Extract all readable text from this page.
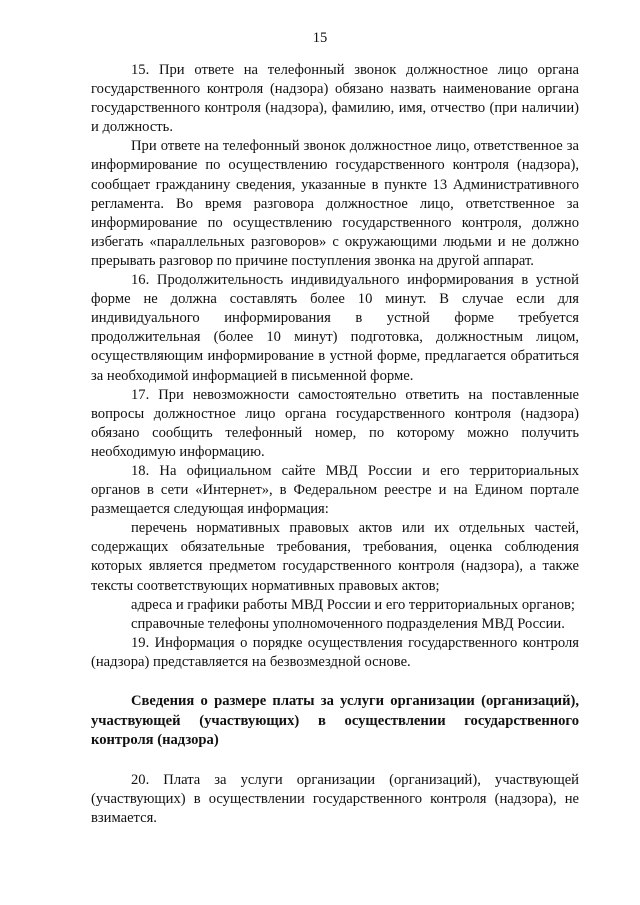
15

15. При ответе на телефонный звонок должностное лицо органа государственного контроля (надзора) обязано назвать наименование органа государственного контроля (надзора), фамилию, имя, отчество (при наличии) и должность.

При ответе на телефонный звонок должностное лицо, ответственное за информирование по осуществлению государственного контроля (надзора), сообщает гражданину сведения, указанные в пункте 13 Административного регламента. Во время разговора должностное лицо, ответственное за информирование по осуществлению государственного контроля, должно избегать «параллельных разговоров» с окружающими людьми и не должно прерывать разговор по причине поступления звонка на другой аппарат.

16. Продолжительность индивидуального информирования в устной форме не должна составлять более 10 минут. В случае если для индивидуального информирования в устной форме требуется продолжительная (более 10 минут) подготовка, должностным лицом, осуществляющим информирование в устной форме, предлагается обратиться за необходимой информацией в письменной форме.

17. При невозможности самостоятельно ответить на поставленные вопросы должностное лицо органа государственного контроля (надзора) обязано сообщить телефонный номер, по которому можно получить необходимую информацию.

18. На официальном сайте МВД России и его территориальных органов в сети «Интернет», в Федеральном реестре и на Едином портале размещается следующая информация:

перечень нормативных правовых актов или их отдельных частей, содержащих обязательные требования, требования, оценка соблюдения которых является предметом государственного контроля (надзора), а также тексты соответствующих нормативных правовых актов;

адреса и графики работы МВД России и его территориальных органов;

справочные телефоны уполномоченного подразделения МВД России.

19. Информация о порядке осуществления государственного контроля (надзора) представляется на безвозмездной основе.

Сведения о размере платы за услуги организации (организаций), участвующей (участвующих) в осуществлении государственного контроля (надзора)

20. Плата за услуги организации (организаций), участвующей (участвующих) в осуществлении государственного контроля (надзора), не взимается.
